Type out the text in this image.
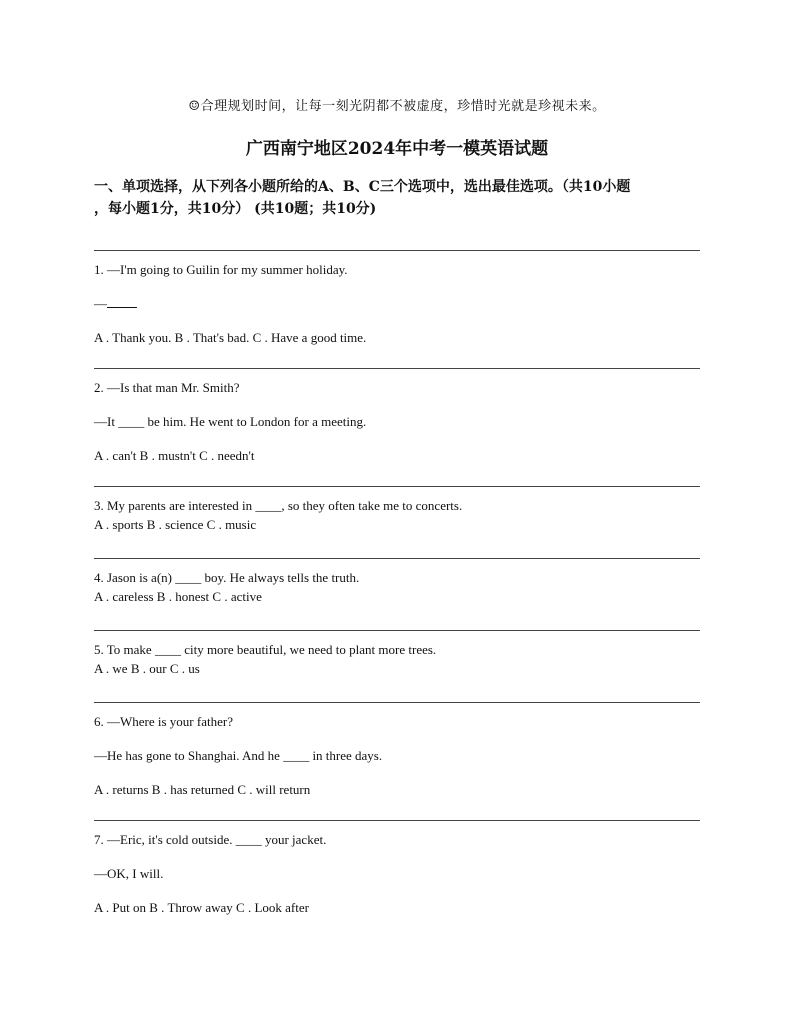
☺合理规划时间，让每一刻光阴都不被虚度，珍惜时光就是珍视未来。
广西南宁地区2024年中考一模英语试题
一、单项选择，从下列各小题所给的A、B、C三个选项中，选出最佳选项。（共10小题
，每小题1分，共10分） (共10题；共10分)
1. —I'm going to Guilin for my summer holiday.
—
A . Thank you. B . That's bad. C . Have a good time.
2. —Is that man Mr. Smith?
—It ____ be him. He went to London for a meeting.
A . can't B . mustn't C . needn't
3. My parents are interested in ____, so they often take me to concerts.
A . sports B . science C . music
4. Jason is a(n) ____ boy. He always tells the truth.
A . careless B . honest C . active
5. To make ____ city more beautiful, we need to plant more trees.
A . we B . our C . us
6. —Where is your father?
—He has gone to Shanghai. And he ____ in three days.
A . returns B . has returned C . will return
7. —Eric, it's cold outside. ____ your jacket.
—OK, I will.
A . Put on B . Throw away C . Look after
